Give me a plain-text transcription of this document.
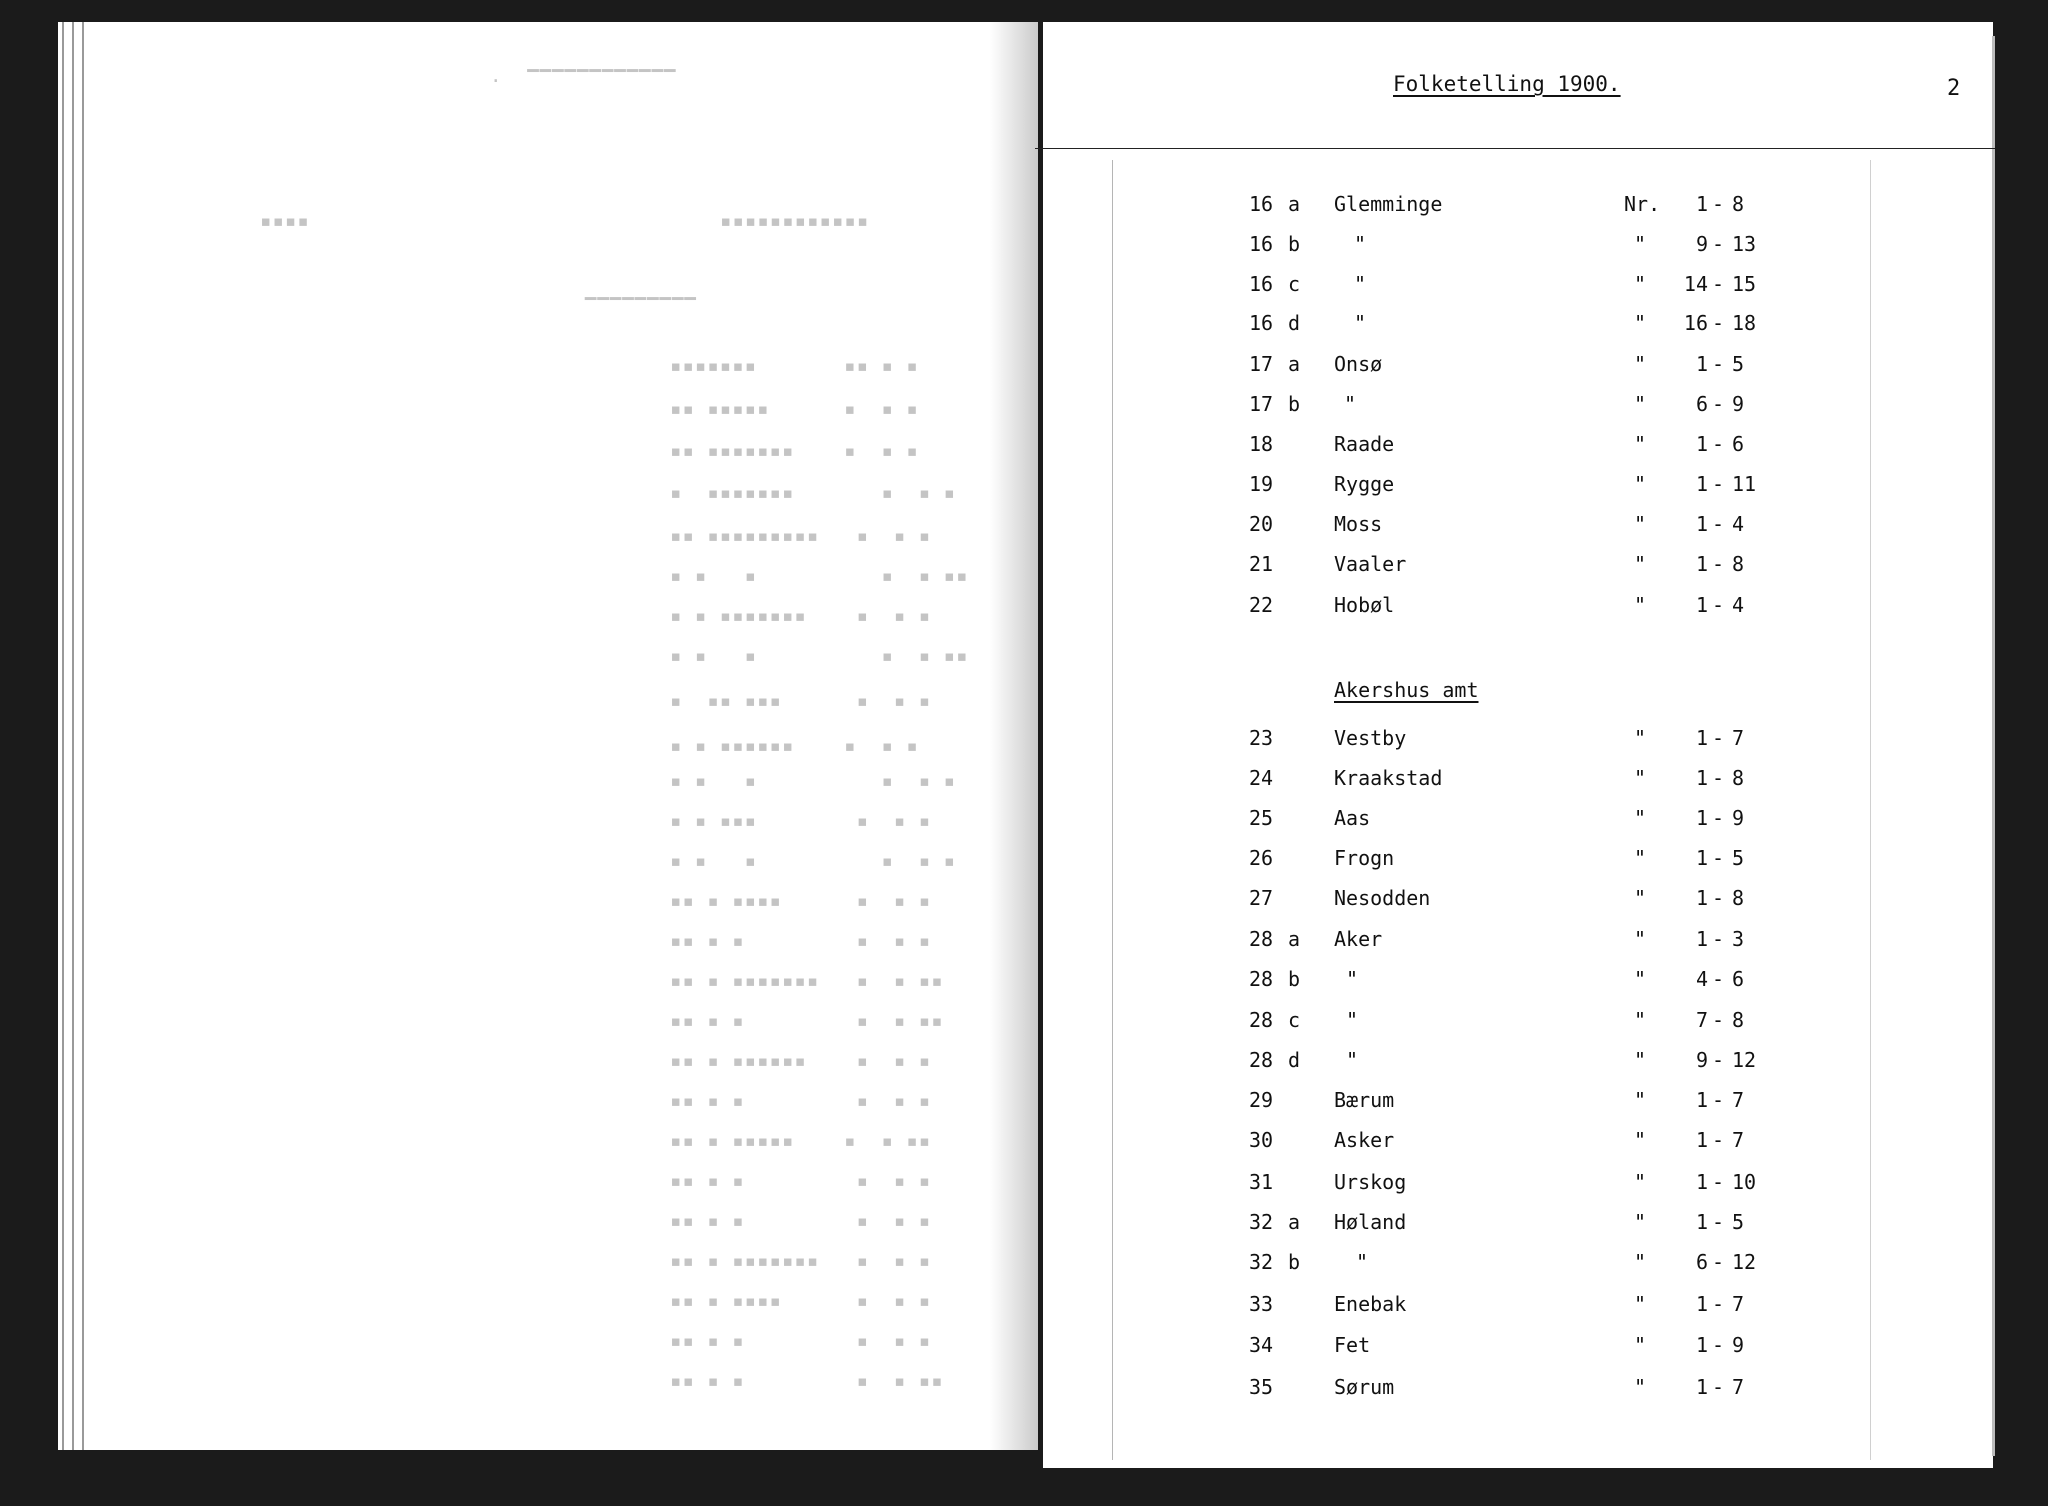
·  ▔▔▔▔▔▔▔▔▔▔▔▔
▪▪▪▪	▪▪▪▪▪▪▪▪▪▪▪▪
▔▔▔▔▔▔▔▔▔
▪▪▪▪▪▪▪       ▪▪ ▪ ▪
▪▪ ▪▪▪▪▪      ▪  ▪ ▪
▪▪ ▪▪▪▪▪▪▪    ▪  ▪ ▪
▪  ▪▪▪▪▪▪▪       ▪  ▪ ▪
▪▪ ▪▪▪▪▪▪▪▪▪   ▪  ▪ ▪
▪ ▪   ▪          ▪  ▪ ▪▪
▪ ▪ ▪▪▪▪▪▪▪    ▪  ▪ ▪
▪ ▪   ▪          ▪  ▪ ▪▪
▪  ▪▪ ▪▪▪      ▪  ▪ ▪
▪ ▪ ▪▪▪▪▪▪    ▪  ▪ ▪
▪ ▪   ▪          ▪  ▪ ▪
▪ ▪ ▪▪▪        ▪  ▪ ▪
▪ ▪   ▪          ▪  ▪ ▪
▪▪ ▪ ▪▪▪▪      ▪  ▪ ▪
▪▪ ▪ ▪         ▪  ▪ ▪
▪▪ ▪ ▪▪▪▪▪▪▪   ▪  ▪ ▪▪
▪▪ ▪ ▪         ▪  ▪ ▪▪
▪▪ ▪ ▪▪▪▪▪▪    ▪  ▪ ▪
▪▪ ▪ ▪         ▪  ▪ ▪
▪▪ ▪ ▪▪▪▪▪    ▪  ▪ ▪▪
▪▪ ▪ ▪         ▪  ▪ ▪
▪▪ ▪ ▪         ▪  ▪ ▪
▪▪ ▪ ▪▪▪▪▪▪▪   ▪  ▪ ▪
▪▪ ▪ ▪▪▪▪      ▪  ▪ ▪
▪▪ ▪ ▪         ▪  ▪ ▪
▪▪ ▪ ▪         ▪  ▪ ▪▪
Folketelling 1900.	2
16 a Glemminge	Nr.	1 - 8
16 b	"	"	9 - 13
16 c	"	" 14 - 15
16 d	"	" 16 - 18
17 a Onsø	"	1 - 5
17 b "	"	6 - 9
18	Raade	"	1 - 6
19	Rygge	"	1 - 11
20	Moss	"	1 - 4
21	Vaaler	"	1 - 8
22	Hobøl	"	1 - 4
Akershus amt
23	Vestby	"	1 - 7
24	Kraakstad	"	1 - 8
25	Aas	"	1 - 9
26	Frogn	"	1 - 5
27	Nesodden	"	1 - 8
28 a Aker	"	1 - 3
28 b "	"	4 - 6
28 c "	"	7 - 8
28 d "	"	9 - 12
29	Bærum	"	1 - 7
30	Asker	"	1 - 7
31	Urskog	"	1 - 10
32 a Høland	"	1 - 5
32 b	"	"	6 - 12
33	Enebak	"	1 - 7
34	Fet	"	1 - 9
35	Sørum	"	1 - 7
